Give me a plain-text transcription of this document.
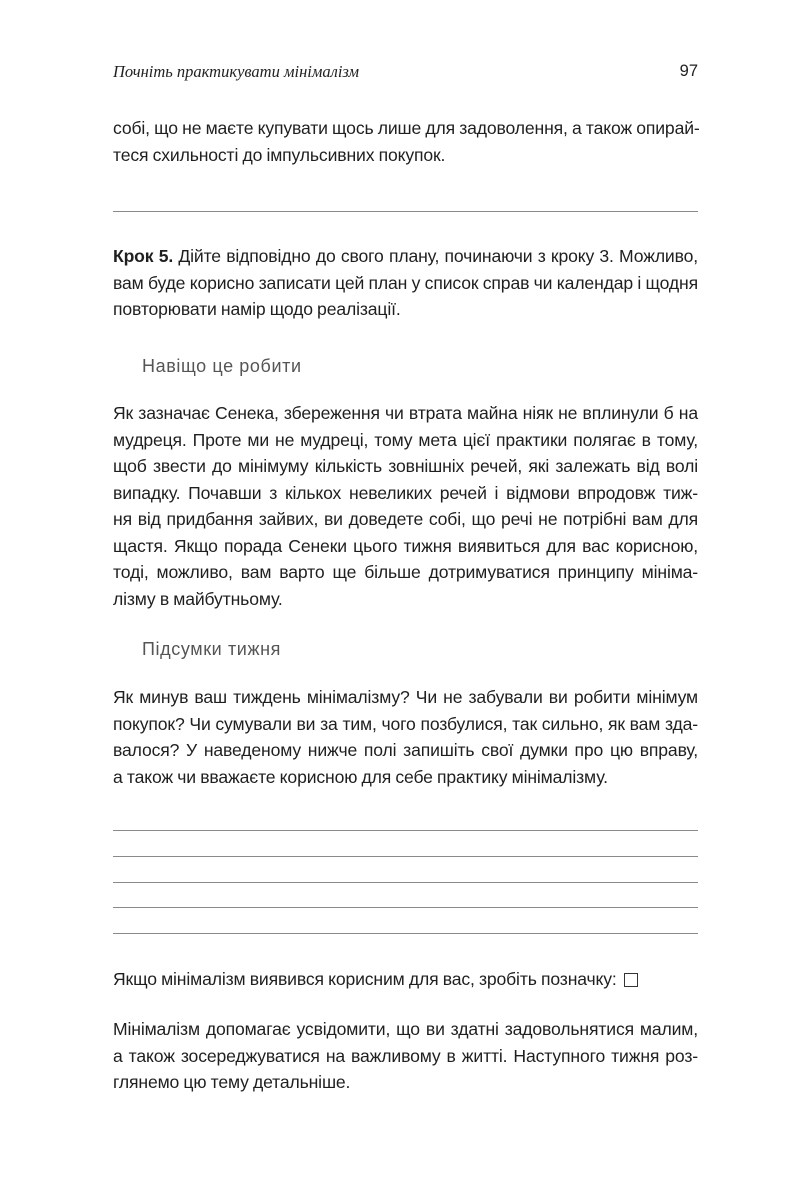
Почніть практикувати мінімалізм	97
собі, що не маєте купувати щось лише для задоволення, а також опирай-
теся схильності до імпульсивних покупок.
Крок 5. Дійте відповідно до свого плану, починаючи з кроку 3. Можливо,
вам буде корисно записати цей план у список справ чи календар і щодня
повторювати намір щодо реалізації.
Навіщо це робити
Як зазначає Сенека, збереження чи втрата майна ніяк не вплинули б на
мудреця. Проте ми не мудреці, тому мета цієї практики полягає в тому,
щоб звести до мінімуму кількість зовнішніх речей, які залежать від волі
випадку. Почавши з кількох невеликих речей і відмови впродовж тиж-
ня від придбання зайвих, ви доведете собі, що речі не потрібні вам для
щастя. Якщо порада Сенеки цього тижня виявиться для вас корисною,
тоді, можливо, вам варто ще більше дотримуватися принципу мініма-
лізму в майбутньому.
Підсумки тижня
Як минув ваш тиждень мінімалізму? Чи не забували ви робити мінімум
покупок? Чи сумували ви за тим, чого позбулися, так сильно, як вам зда-
валося? У наведеному нижче полі запишіть свої думки про цю вправу,
а також чи вважаєте корисною для себе практику мінімалізму.
Якщо мінімалізм виявився корисним для вас, зробіть позначку:
Мінімалізм допомагає усвідомити, що ви здатні задовольнятися малим,
а також зосереджуватися на важливому в житті. Наступного тижня роз-
глянемо цю тему детальніше.
